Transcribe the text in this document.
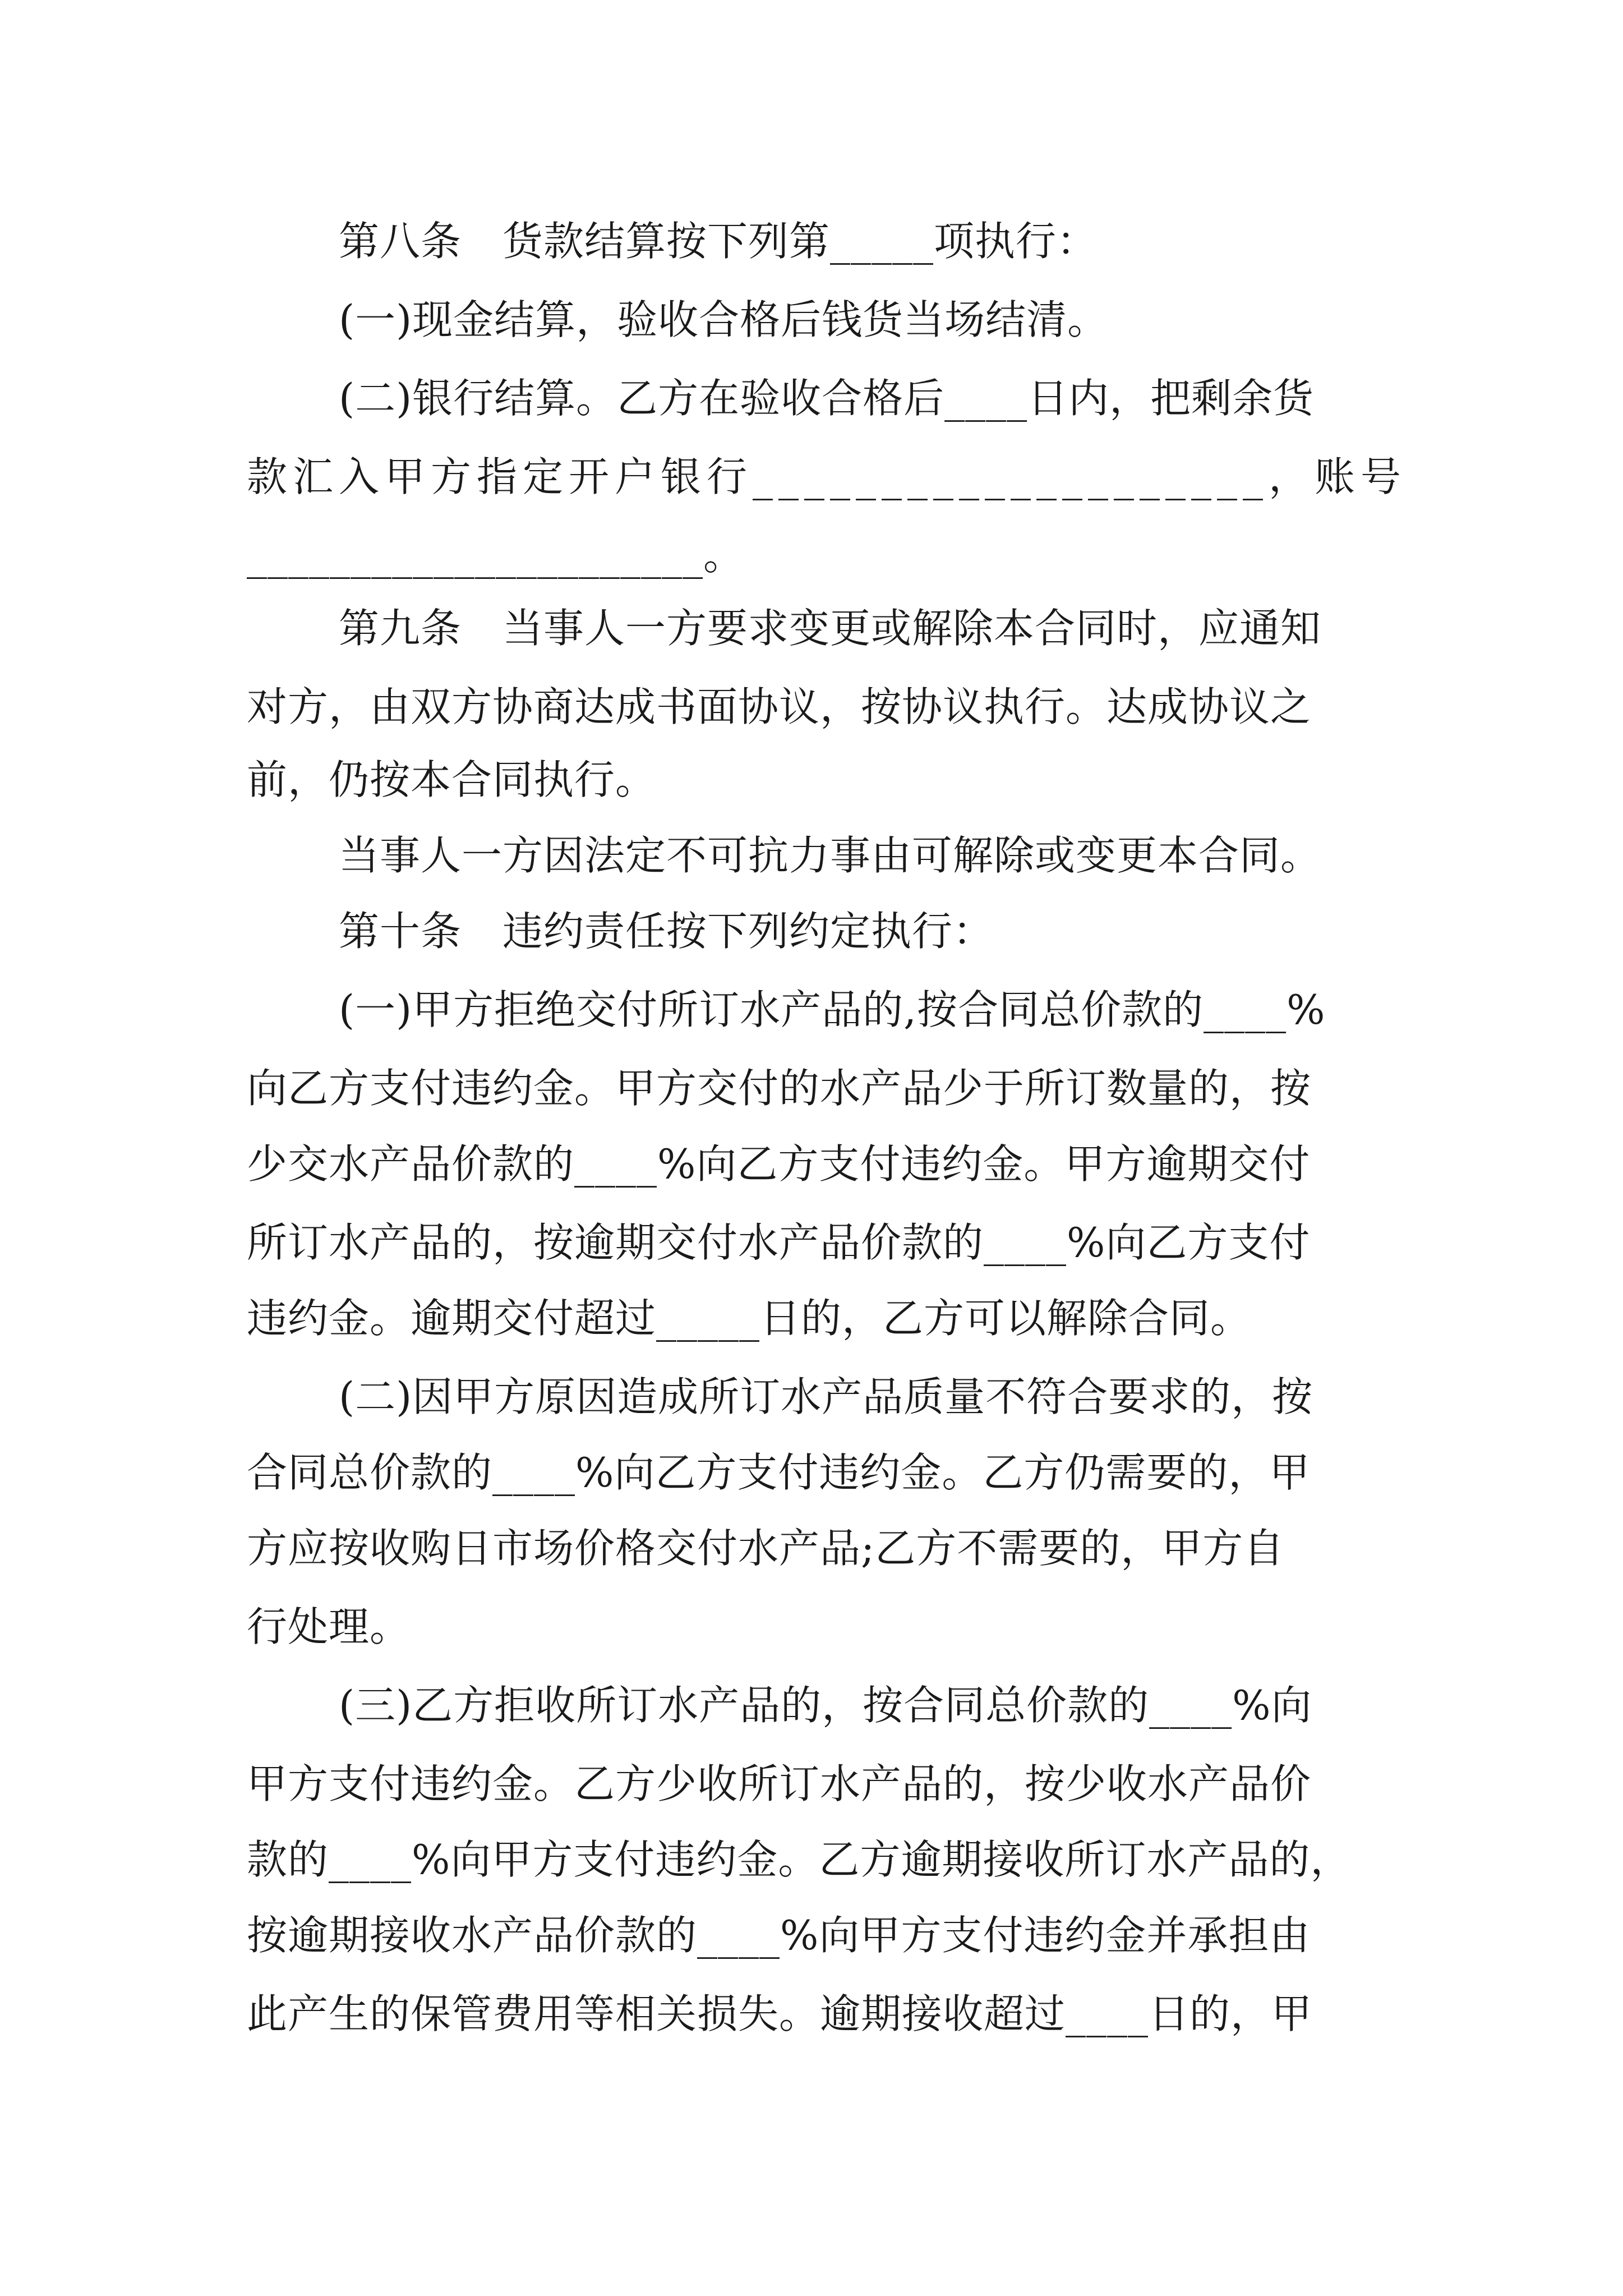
第八条　货款结算按下列第_____项执行：

(一)现金结算，验收合格后钱货当场结清。

(二)银行结算。乙方在验收合格后____日内，把剩余货

款汇入甲方指定开户银行____________________，账号

______________________。

第九条　当事人一方要求变更或解除本合同时，应通知

对方，由双方协商达成书面协议，按协议执行。达成协议之

前，仍按本合同执行。

当事人一方因法定不可抗力事由可解除或变更本合同。

第十条　违约责任按下列约定执行：

(一)甲方拒绝交付所订水产品的,按合同总价款的____%

向乙方支付违约金。甲方交付的水产品少于所订数量的，按

少交水产品价款的____%向乙方支付违约金。甲方逾期交付

所订水产品的，按逾期交付水产品价款的____%向乙方支付

违约金。逾期交付超过_____日的，乙方可以解除合同。

(二)因甲方原因造成所订水产品质量不符合要求的，按

合同总价款的____%向乙方支付违约金。乙方仍需要的，甲

方应按收购日市场价格交付水产品;乙方不需要的，甲方自

行处理。

(三)乙方拒收所订水产品的，按合同总价款的____%向

甲方支付违约金。乙方少收所订水产品的，按少收水产品价

款的____%向甲方支付违约金。乙方逾期接收所订水产品的，

按逾期接收水产品价款的____%向甲方支付违约金并承担由

此产生的保管费用等相关损失。逾期接收超过____日的，甲
